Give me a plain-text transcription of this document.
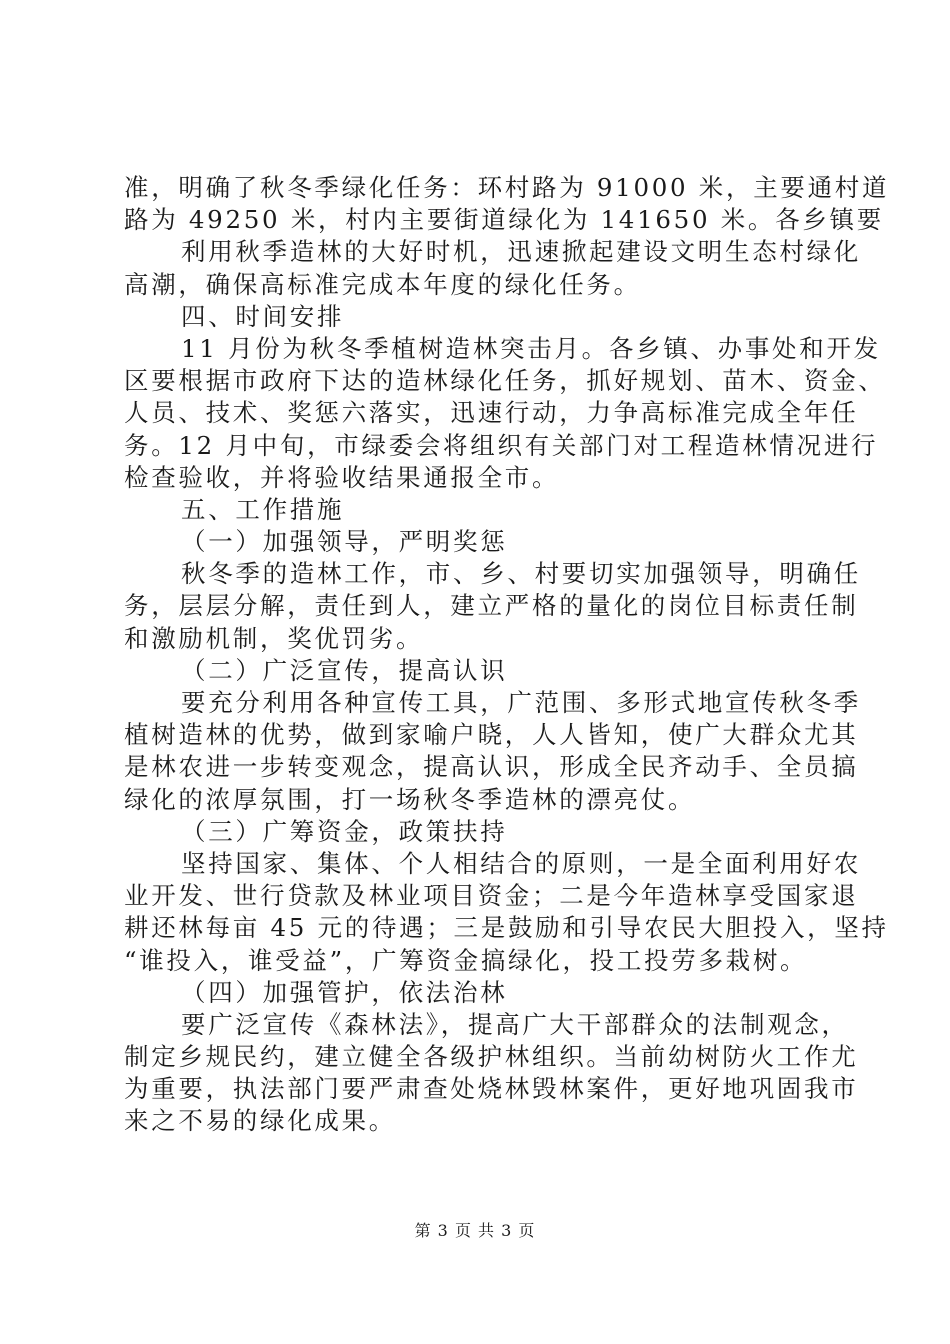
准，明确了秋冬季绿化任务：环村路为 91000 米，主要通村道
路为 49250 米，村内主要街道绿化为 141650 米。各乡镇要
利用秋季造林的大好时机，迅速掀起建设文明生态村绿化
高潮，确保高标准完成本年度的绿化任务。
四、时间安排
11 月份为秋冬季植树造林突击月。各乡镇、办事处和开发
区要根据市政府下达的造林绿化任务，抓好规划、苗木、资金、
人员、技术、奖惩六落实，迅速行动，力争高标准完成全年任
务。12 月中旬，市绿委会将组织有关部门对工程造林情况进行
检查验收，并将验收结果通报全市。
五、工作措施
（一）加强领导，严明奖惩
秋冬季的造林工作，市、乡、村要切实加强领导，明确任
务，层层分解，责任到人，建立严格的量化的岗位目标责任制
和激励机制，奖优罚劣。
（二）广泛宣传，提高认识
要充分利用各种宣传工具，广范围、多形式地宣传秋冬季
植树造林的优势，做到家喻户晓，人人皆知，使广大群众尤其
是林农进一步转变观念，提高认识，形成全民齐动手、全员搞
绿化的浓厚氛围，打一场秋冬季造林的漂亮仗。
（三）广筹资金，政策扶持
坚持国家、集体、个人相结合的原则，一是全面利用好农
业开发、世行贷款及林业项目资金；二是今年造林享受国家退
耕还林每亩 45 元的待遇；三是鼓励和引导农民大胆投入，坚持
“谁投入，谁受益”，广筹资金搞绿化，投工投劳多栽树。
（四）加强管护，依法治林
要广泛宣传《森林法》，提高广大干部群众的法制观念，
制定乡规民约，建立健全各级护林组织。当前幼树防火工作尤
为重要，执法部门要严肃查处烧林毁林案件，更好地巩固我市
来之不易的绿化成果。
第 3 页 共 3 页
